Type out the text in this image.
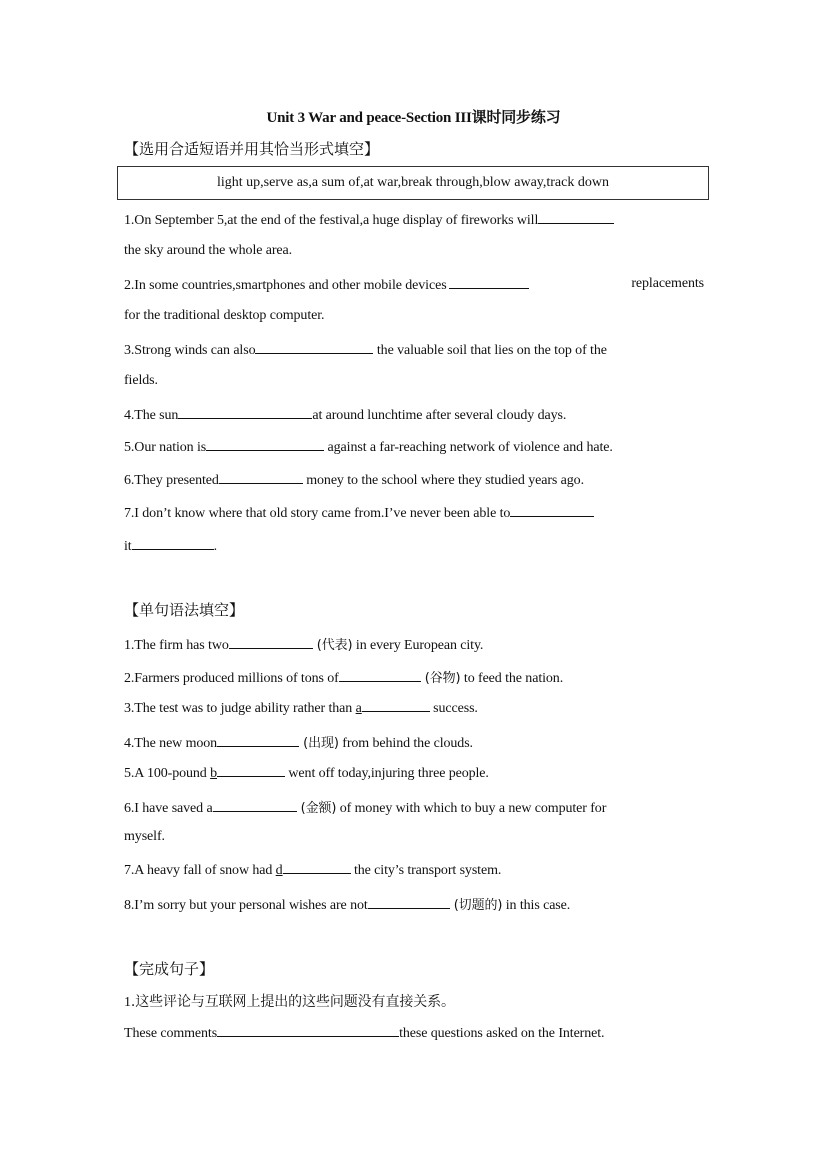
Unit 3 War and peace-Section III课时同步练习
【选用合适短语并用其恰当形式填空】
light up,serve as,a sum of,at war,break through,blow away,track down
1.On September 5,at the end of the festival,a huge display of fireworks will
the sky around the whole area.
2.In some countries,smartphones and other mobile devices	replacements
for the traditional desktop computer.
3.Strong winds can also	the valuable soil that lies on the top of the
fields.
4.The sun	at around lunchtime after several cloudy days.
5.Our nation is	against a far-reaching network of violence and hate.
6.They presented	money to the school where they studied years ago.
7.I don’t know where that old story came from.I’ve never been able to
it	.
【单句语法填空】
1.The firm has two	(代表) in every European city.
2.Farmers produced millions of tons of	(谷物) to feed the nation.
3.The test was to judge ability rather than a	success.
4.The new moon	(出现) from behind the clouds.
5.A 100-pound b	went off today,injuring three people.
6.I have saved a	(金额) of money with which to buy a new computer for
myself.
7.A heavy fall of snow had d	the city’s transport system.
8.I’m sorry but your personal wishes are not	(切题的) in this case.
【完成句子】
1.这些评论与互联网上提出的这些问题没有直接关系。
These comments	these questions asked on the Internet.
